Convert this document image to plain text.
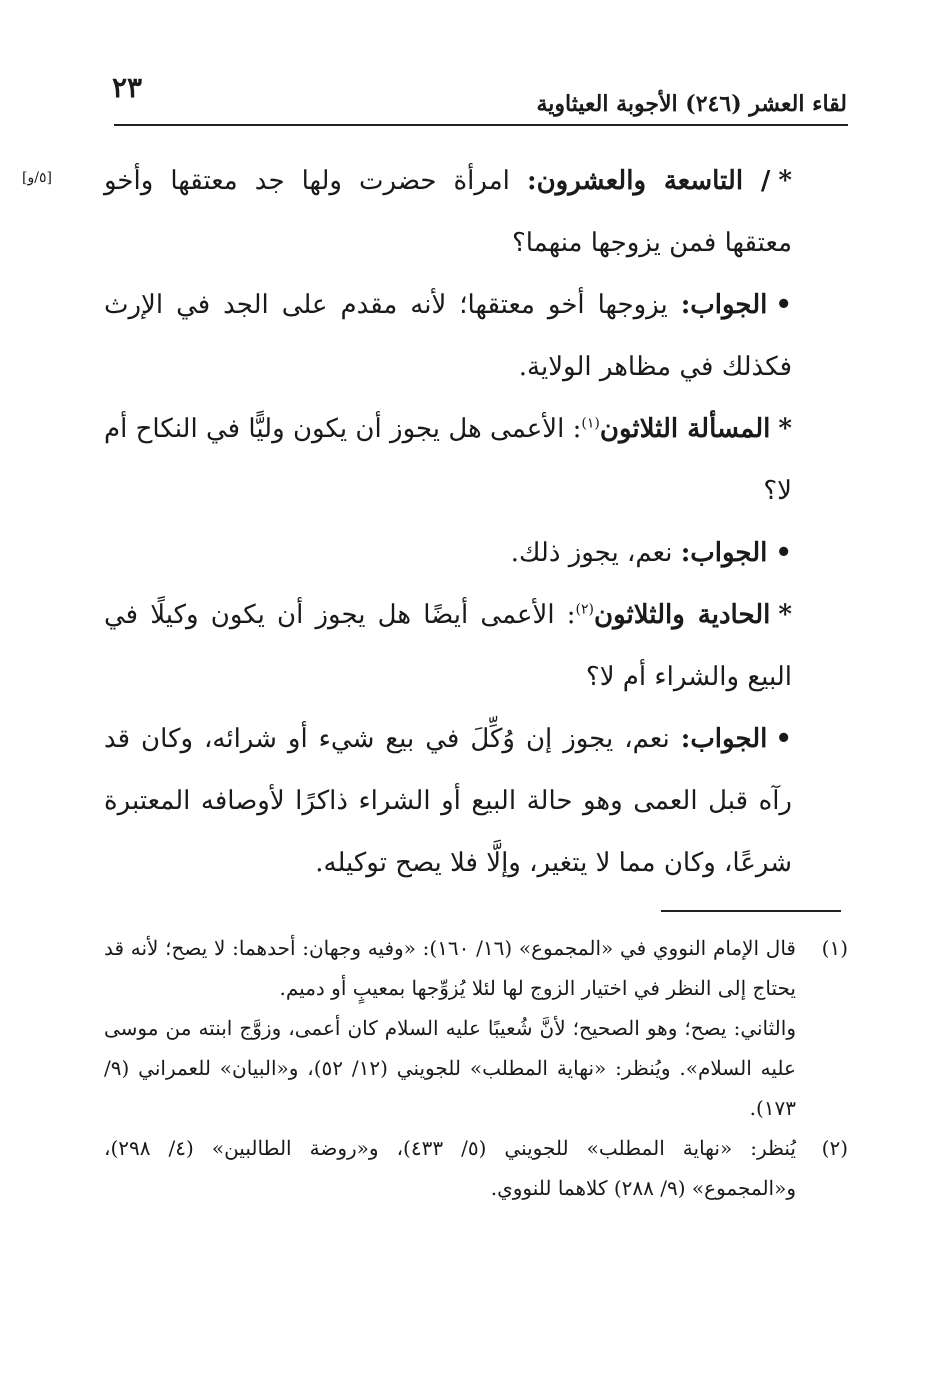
٢٣	لقاء العشر (٢٤٦) الأجوبة العيثاوية
[٥/و]	*/ التاسعة والعشرون: امرأة حضرت ولها جد معتقها وأخو معتقها فمن يزوجها منهما؟

•الجواب: يزوجها أخو معتقها؛ لأنه مقدم على الجد في الإرث فكذلك في مظاهر الولاية.

*المسألة الثلاثون$^{(١)}$: الأعمى هل يجوز أن يكون وليًّا في النكاح أم لا؟

•الجواب: نعم، يجوز ذلك.

*الحادية والثلاثون$^{(٢)}$: الأعمى أيضًا هل يجوز أن يكون وكيلًا في البيع والشراء أم لا؟

•الجواب: نعم، يجوز إن وُكِّلَ في بيع شيء أو شرائه، وكان قد رآه قبل العمى وهو حالة البيع أو الشراء ذاكرًا لأوصافه المعتبرة شرعًا، وكان مما لا يتغير، وإلَّا فلا يصح توكيله.

(١)

قال الإمام النووي في «المجموع» (١٦/ ١٦٠): «وفيه وجهان: أحدهما: لا يصح؛ لأنه قد يحتاج إلى النظر في اختيار الزوج لها لئلا يُزوِّجها بمعيبٍ أو دميم.

والثاني: يصح؛ وهو الصحيح؛ لأنَّ شُعيبًا عليه السلام كان أعمى، وزوَّج ابنته من موسى عليه السلام». ويُنظر: «نهاية المطلب» للجويني (١٢/ ٥٢)، و«البيان» للعمراني (٩/ ١٧٣).

(٢)

يُنظر: «نهاية المطلب» للجويني (٥/ ٤٣٣)، و«روضة الطالبين» (٤/ ٢٩٨)، و«المجموع» (٩/ ٢٨٨) كلاهما للنووي.
